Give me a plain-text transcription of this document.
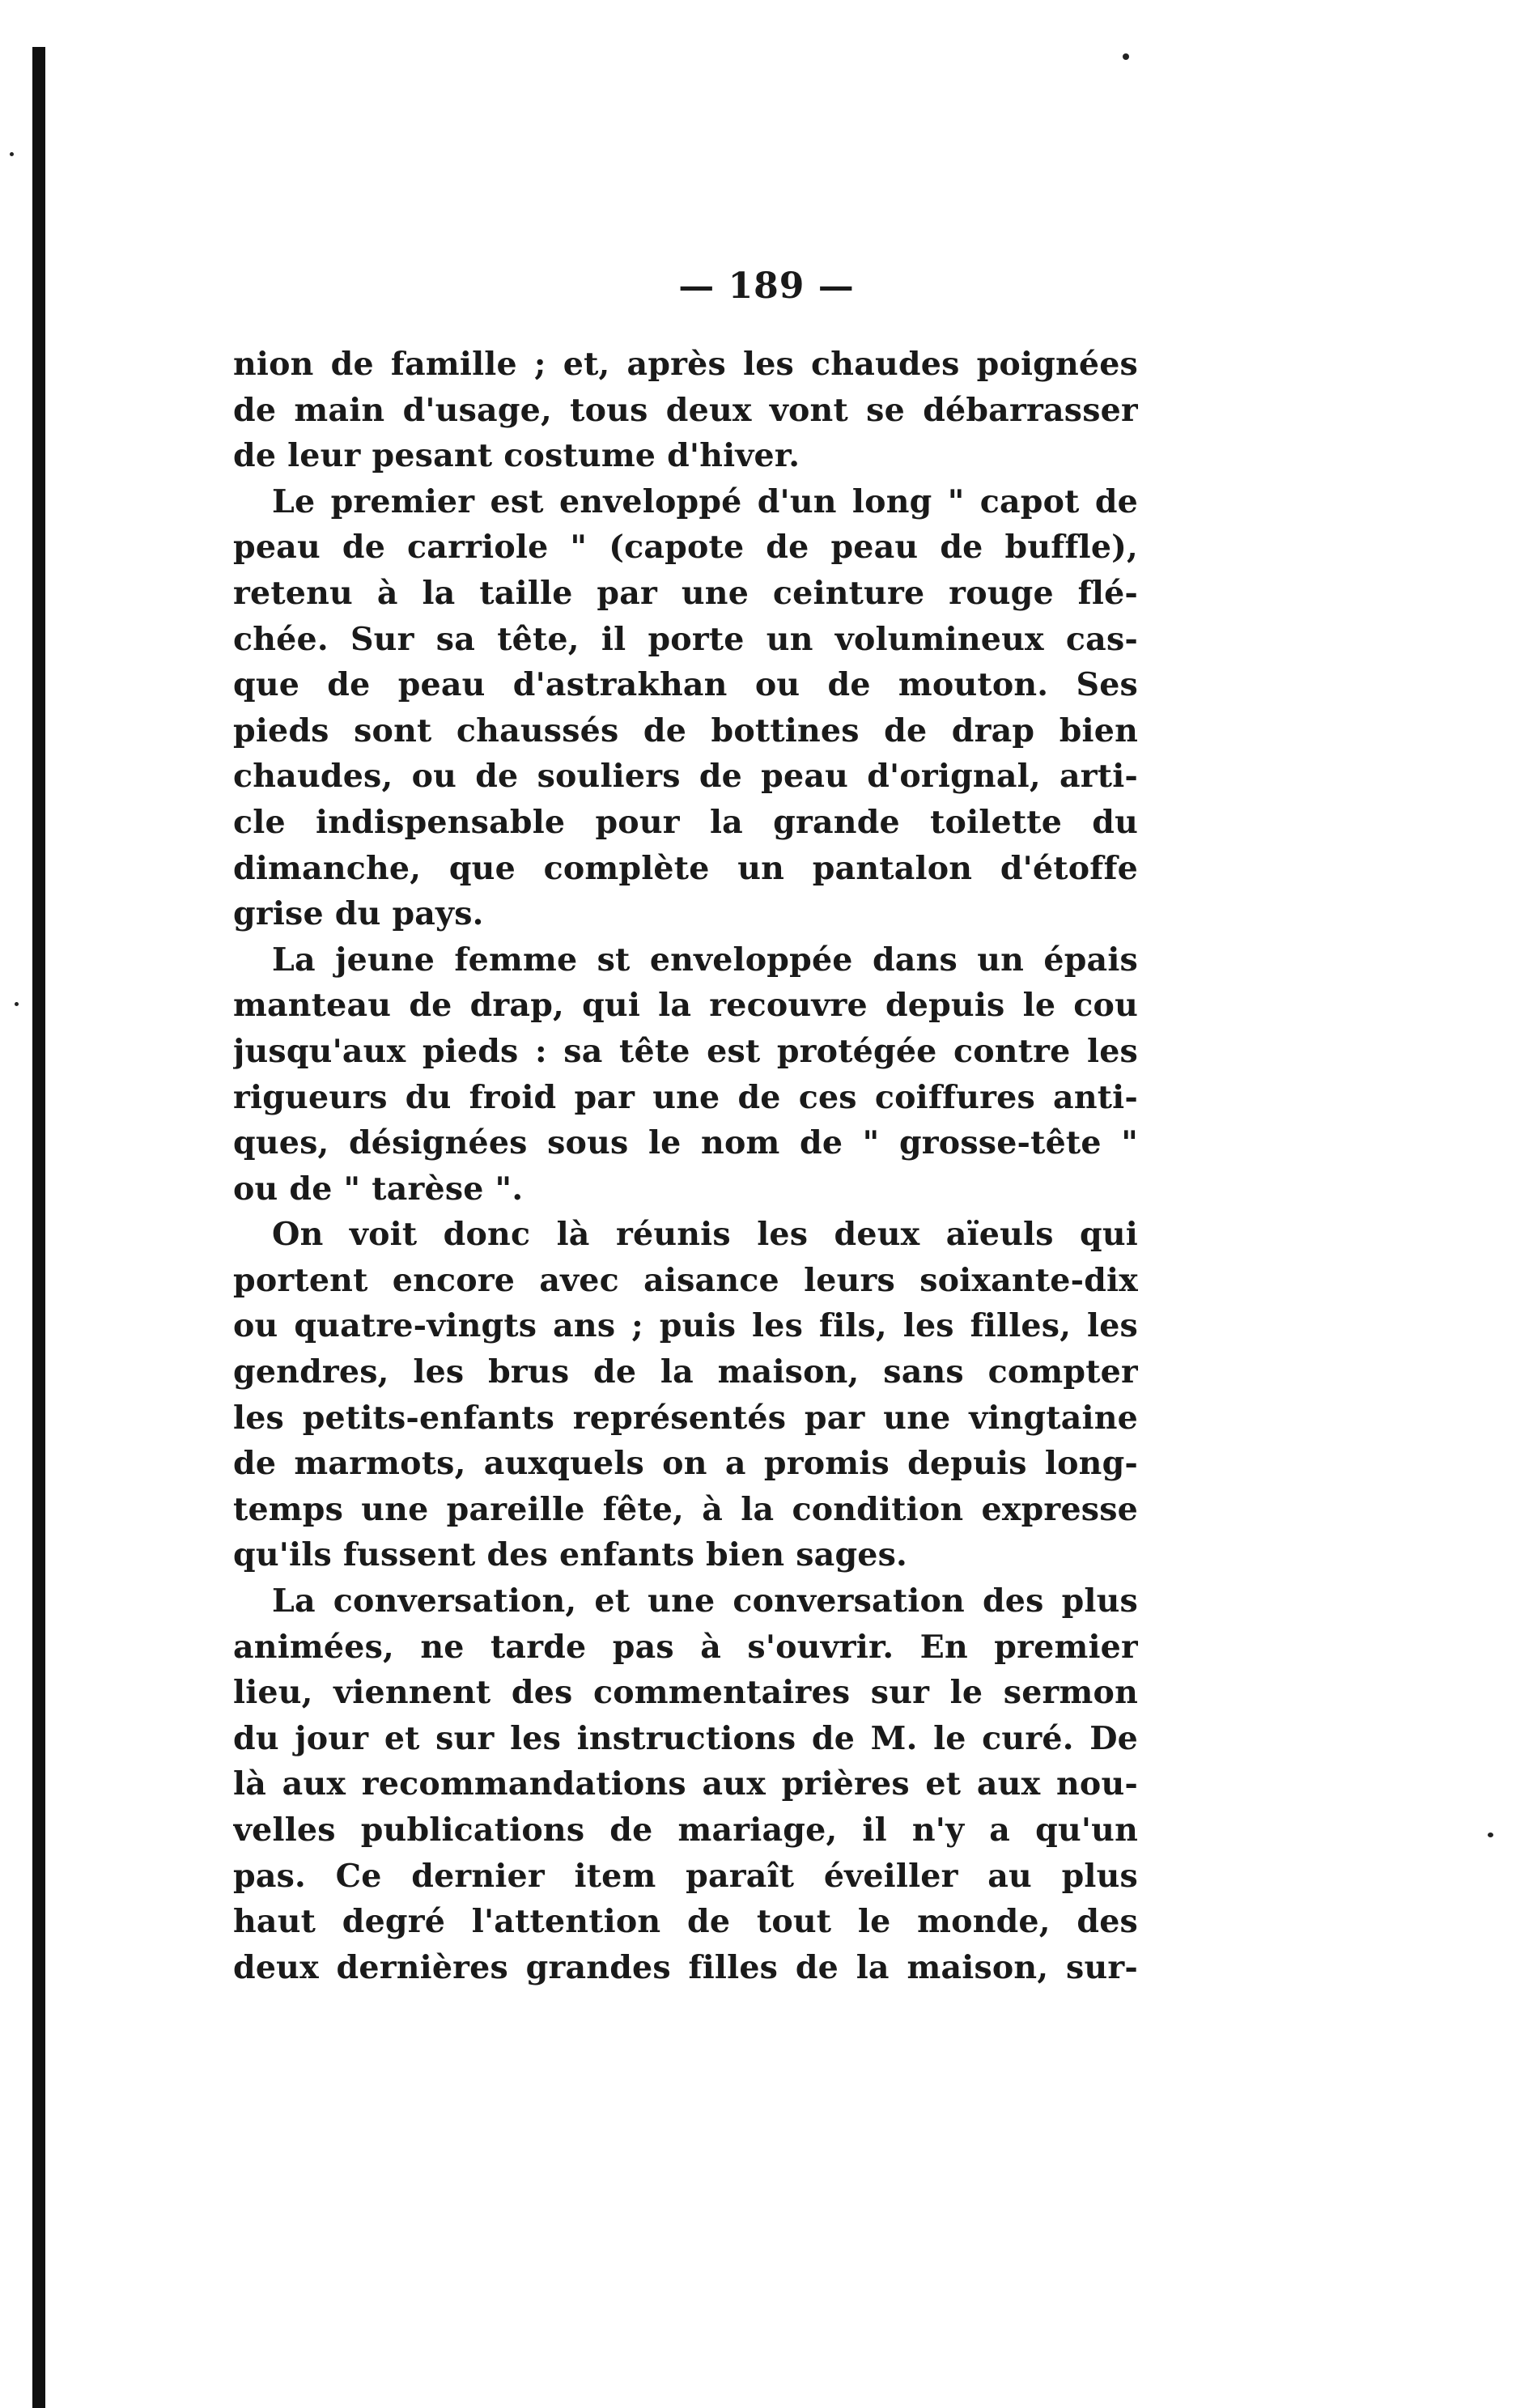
— 189 —
nion de famille ; et, après les chaudes poignées
de main d'usage, tous deux vont se débarrasser
de leur pesant costume d'hiver.
Le premier est enveloppé d'un long " capot de
peau de carriole " (capote de peau de buffle),
retenu à la taille par une ceinture rouge flé-
chée. Sur sa tête, il porte un volumineux cas-
que de peau d'astrakhan ou de mouton. Ses
pieds sont chaussés de bottines de drap bien
chaudes, ou de souliers de peau d'orignal, arti-
cle indispensable pour la grande toilette du
dimanche, que complète un pantalon d'étoffe
grise du pays.
La jeune femme st enveloppée dans un épais
manteau de drap, qui la recouvre depuis le cou
jusqu'aux pieds : sa tête est protégée contre les
rigueurs du froid par une de ces coiffures anti-
ques, désignées sous le nom de " grosse-tête "
ou de " tarèse ".
On voit donc là réunis les deux aïeuls qui
portent encore avec aisance leurs soixante-dix
ou quatre-vingts ans ; puis les fils, les filles, les
gendres, les brus de la maison, sans compter
les petits-enfants représentés par une vingtaine
de marmots, auxquels on a promis depuis long-
temps une pareille fête, à la condition expresse
qu'ils fussent des enfants bien sages.
La conversation, et une conversation des plus
animées, ne tarde pas à s'ouvrir. En premier
lieu, viennent des commentaires sur le sermon
du jour et sur les instructions de M. le curé. De
là aux recommandations aux prières et aux nou-
velles publications de mariage, il n'y a qu'un
pas. Ce dernier item paraît éveiller au plus
haut degré l'attention de tout le monde, des
deux dernières grandes filles de la maison, sur-
